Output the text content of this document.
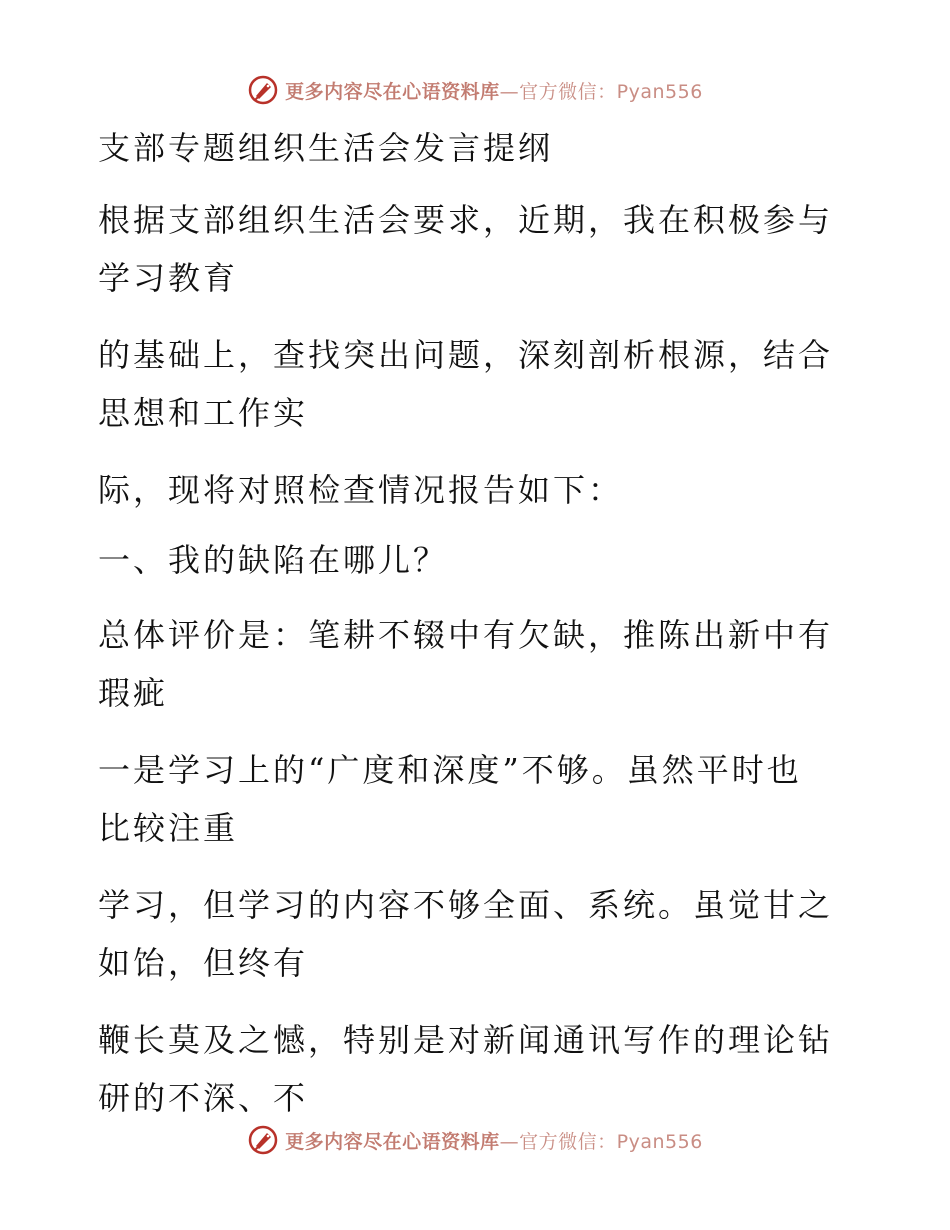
更多内容尽在心语资料库—官方微信：Pyan556
支部专题组织生活会发言提纲
根据支部组织生活会要求，近期，我在积极参与
学习教育
的基础上，查找突出问题，深刻剖析根源，结合
思想和工作实
际，现将对照检查情况报告如下：
一、我的缺陷在哪儿？
总体评价是：笔耕不辍中有欠缺，推陈出新中有
瑕疵
一是学习上的“广度和深度”不够。虽然平时也
比较注重
学习，但学习的内容不够全面、系统。虽觉甘之
如饴，但终有
鞭长莫及之憾，特别是对新闻通讯写作的理论钻
研的不深、不
更多内容尽在心语资料库—官方微信：Pyan556
